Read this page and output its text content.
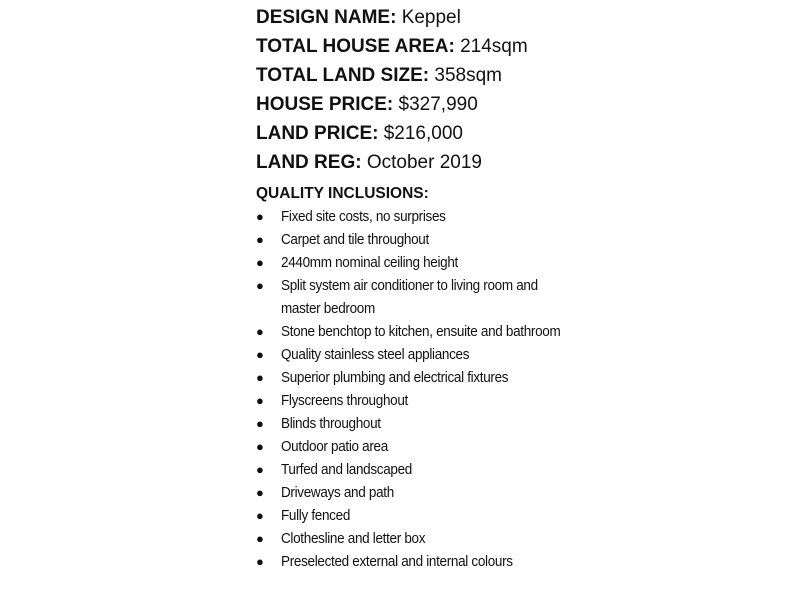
DESIGN NAME: Keppel
TOTAL HOUSE AREA: 214sqm
TOTAL LAND SIZE: 358sqm
HOUSE PRICE: $327,990
LAND PRICE: $216,000
LAND REG: October 2019
QUALITY INCLUSIONS:
● Fixed site costs, no surprises
● Carpet and tile throughout
● 2440mm nominal ceiling height
● Split system air conditioner to living room and master bedroom
● Stone benchtop to kitchen, ensuite and bathroom
● Quality stainless steel appliances
● Superior plumbing and electrical fixtures
● Flyscreens throughout
● Blinds throughout
● Outdoor patio area
● Turfed and landscaped
● Driveways and path
● Fully fenced
● Clothesline and letter box
● Preselected external and internal colours
